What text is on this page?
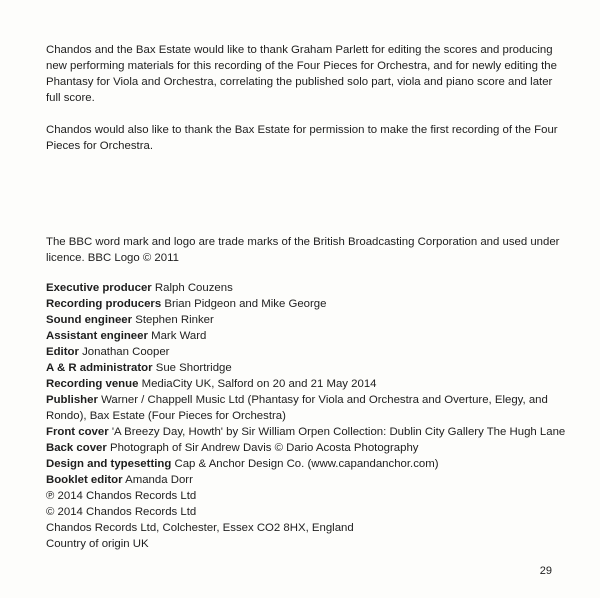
Chandos and the Bax Estate would like to thank Graham Parlett for editing the scores and producing new performing materials for this recording of the Four Pieces for Orchestra, and for newly editing the Phantasy for Viola and Orchestra, correlating the published solo part, viola and piano score and later full score.

Chandos would also like to thank the Bax Estate for permission to make the first recording of the Four Pieces for Orchestra.

The BBC word mark and logo are trade marks of the British Broadcasting Corporation and used under licence. BBC Logo © 2011

Executive producer Ralph Couzens
Recording producers Brian Pidgeon and Mike George
Sound engineer Stephen Rinker
Assistant engineer Mark Ward
Editor Jonathan Cooper
A & R administrator Sue Shortridge
Recording venue MediaCity UK, Salford on 20 and 21 May 2014
Publisher Warner / Chappell Music Ltd (Phantasy for Viola and Orchestra and Overture, Elegy, and Rondo), Bax Estate (Four Pieces for Orchestra)
Front cover 'A Breezy Day, Howth' by Sir William Orpen Collection: Dublin City Gallery The Hugh Lane
Back cover Photograph of Sir Andrew Davis © Dario Acosta Photography
Design and typesetting Cap & Anchor Design Co. (www.capandanchor.com)
Booklet editor Amanda Dorr
℗ 2014 Chandos Records Ltd
© 2014 Chandos Records Ltd
Chandos Records Ltd, Colchester, Essex CO2 8HX, England
Country of origin UK
29
